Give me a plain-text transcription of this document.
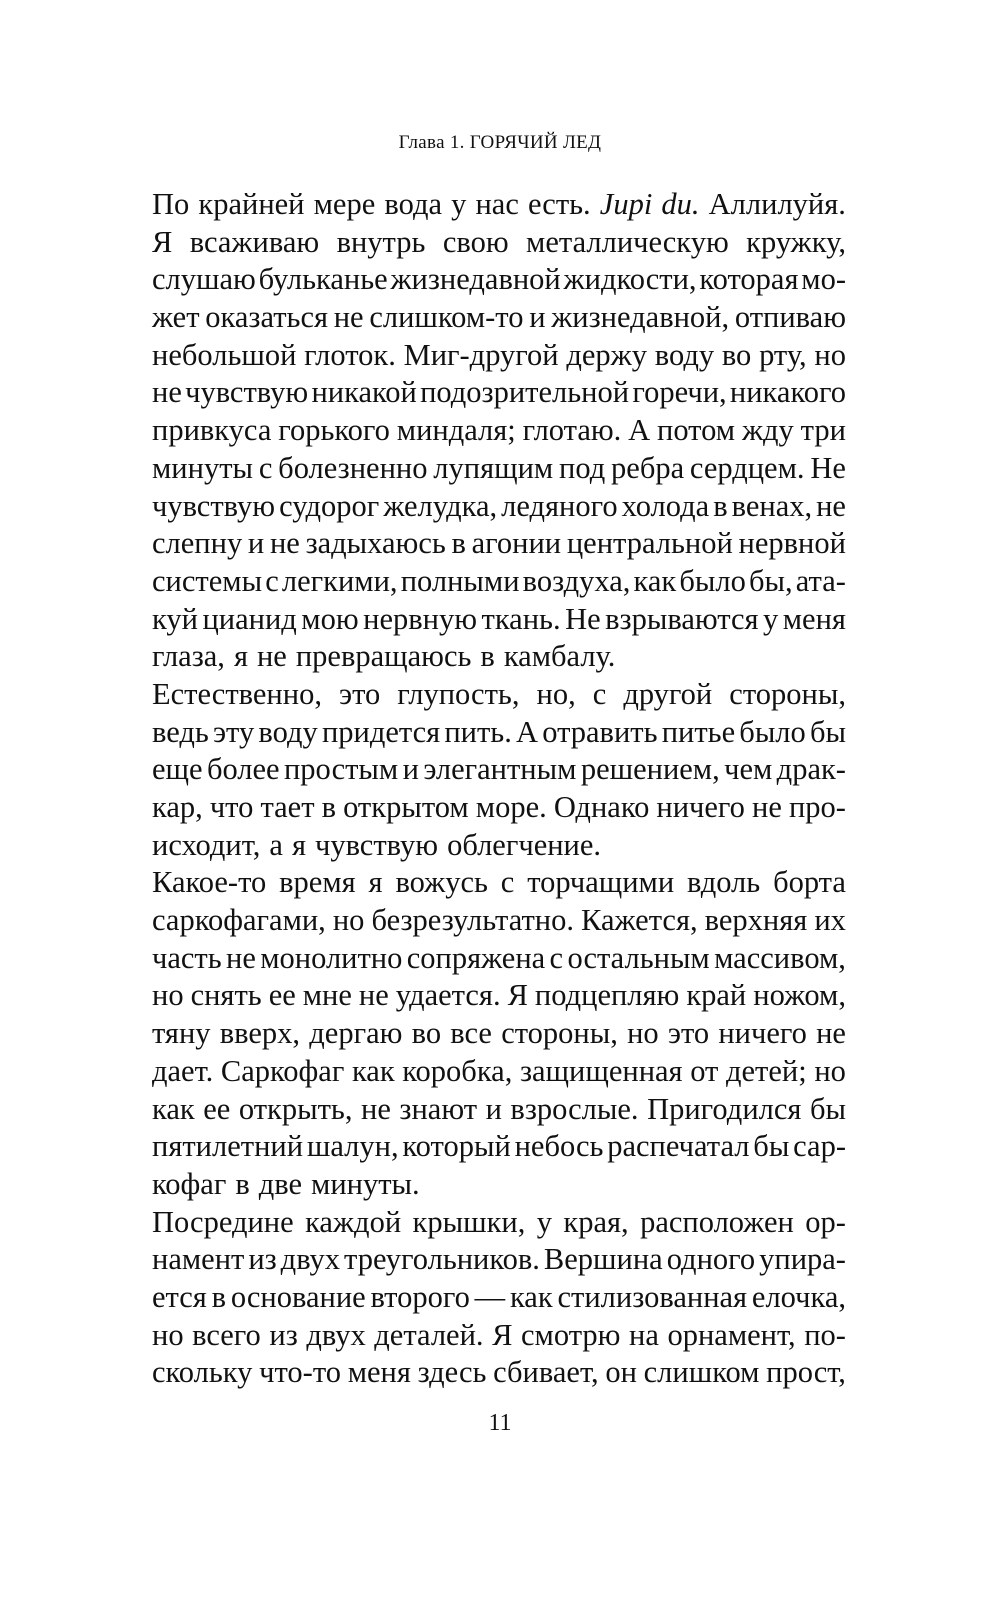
Глава 1. ГОРЯЧИЙ ЛЕД
По крайней мере вода у нас есть. Jupi du. Аллилуйя.
Я всаживаю внутрь свою металлическую кружку,
слушаю бульканье жизнедавной жидкости, которая мо-
жет оказаться не слишком-то и жизнедавной, отпиваю
небольшой глоток. Миг-другой держу воду во рту, но
не чувствую никакой подозрительной горечи, никакого
привкуса горького миндаля; глотаю. А потом жду три
минуты с болезненно лупящим под ребра сердцем. Не
чувствую судорог желудка, ледяного холода в венах, не
слепну и не задыхаюсь в агонии центральной нервной
системы с легкими, полными воздуха, как было бы, ата-
куй цианид мою нервную ткань. Не взрываются у меня
глаза, я не превращаюсь в камбалу.
Естественно, это глупость, но, с другой стороны,
ведь эту воду придется пить. А отравить питье было бы
еще более простым и элегантным решением, чем драк-
кар, что тает в открытом море. Однако ничего не про-
исходит, а я чувствую облегчение.
Какое-то время я вожусь с торчащими вдоль борта
саркофагами, но безрезультатно. Кажется, верхняя их
часть не монолитно сопряжена с остальным массивом,
но снять ее мне не удается. Я подцепляю край ножом,
тяну вверх, дергаю во все стороны, но это ничего не
дает. Саркофаг как коробка, защищенная от детей; но
как ее открыть, не знают и взрослые. Пригодился бы
пятилетний шалун, который небось распечатал бы сар-
кофаг в две минуты.
Посредине каждой крышки, у края, расположен ор-
намент из двух треугольников. Вершина одного упира-
ется в основание второго — как стилизованная елочка,
но всего из двух деталей. Я смотрю на орнамент, по-
скольку что-то меня здесь сбивает, он слишком прост,
11
